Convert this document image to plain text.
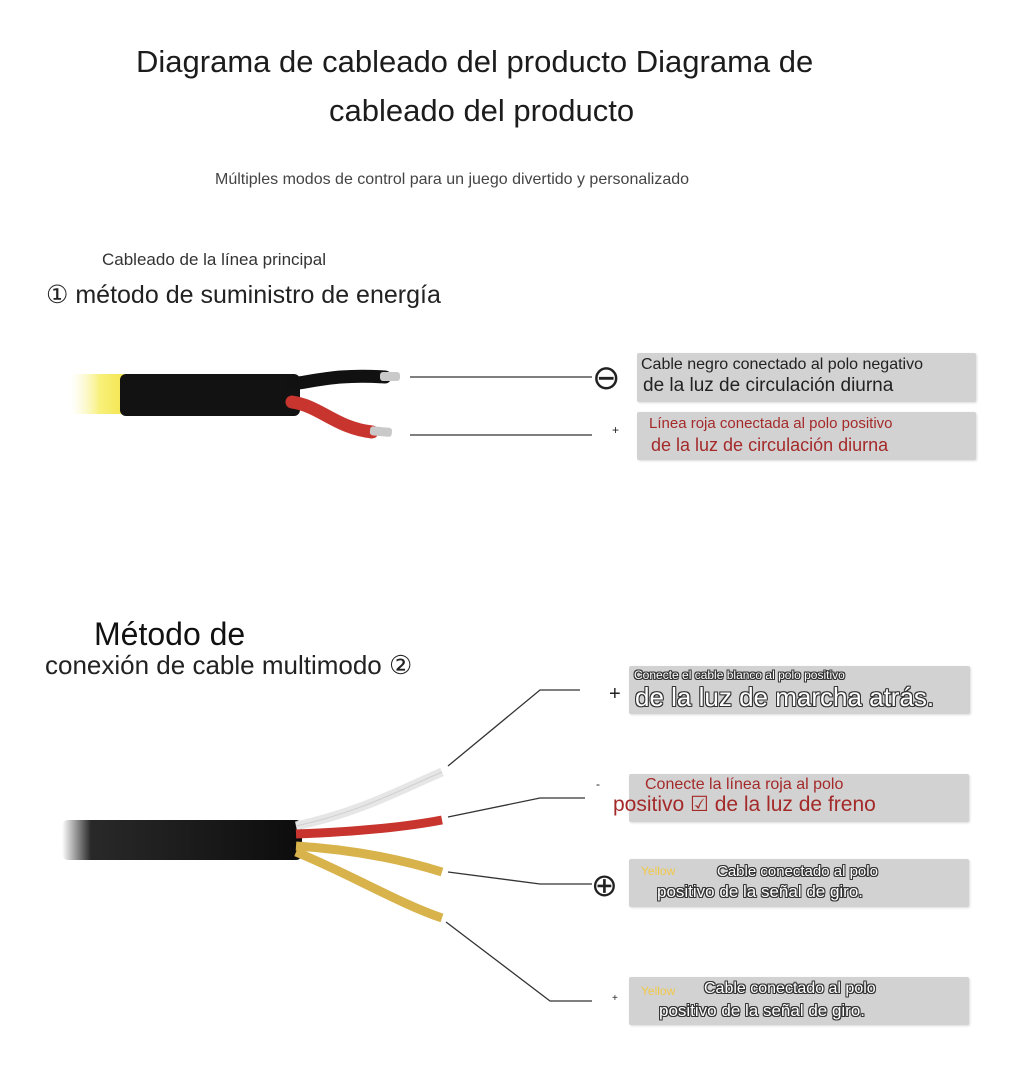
Diagrama de cableado del producto Diagrama de
cableado del producto
Múltiples modos de control para un juego divertido y personalizado
Cableado de la línea principal
① método de suministro de energía
Método de
conexión de cable multimodo ②
⊖
+
Cable negro conectado al polo negativo
de la luz de circulación diurna
Línea roja conectada al polo positivo
de la luz de circulación diurna
+
-
⊕
+
Conecte el cable blanco al polo positivo
de la luz de marcha atrás.
Conecte la línea roja al polo
positivo ☑ de la luz de freno
Yellow	Cable conectado al polo
positivo de la señal de giro.
Yellow Cable conectado al polo
positivo de la señal de giro.
